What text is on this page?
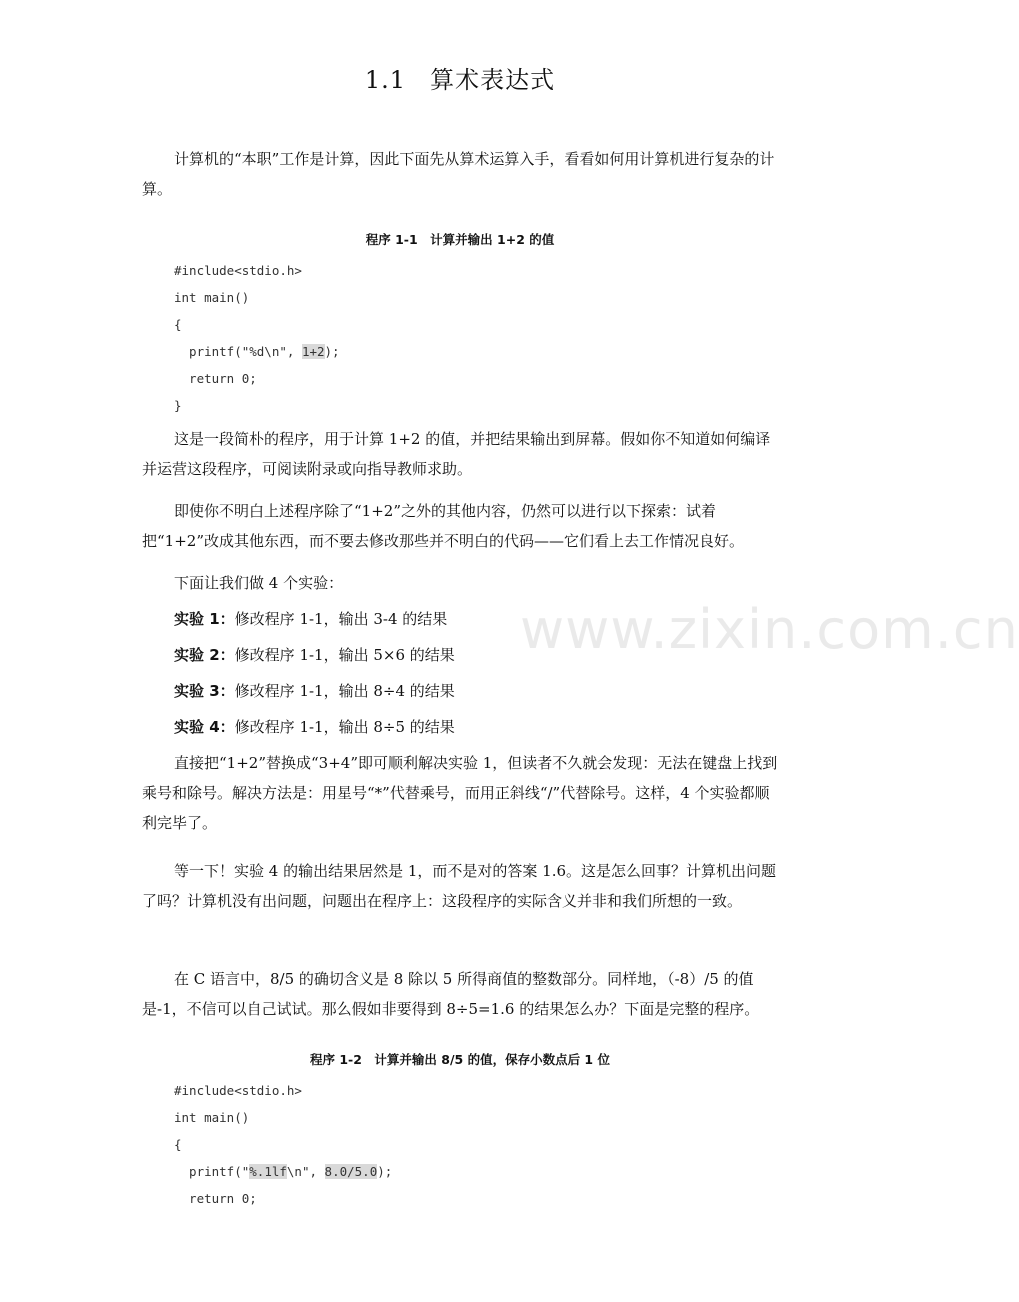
1.1 算术表达式
计算机的“本职”工作是计算，因此下面先从算术运算入手，看看如何用计算机进行复杂的计算。
程序 1-1　计算并输出 1+2 的值
#include<stdio.h>
int main()
{
printf("%d\n", 1+2);
return 0;
}
这是一段简朴的程序，用于计算 1+2 的值，并把结果输出到屏幕。假如你不知道如何编译并运营这段程序，可阅读附录或向指导教师求助。
即使你不明白上述程序除了“1+2”之外的其他内容，仍然可以进行以下探索：试着把“1+2”改成其他东西，而不要去修改那些并不明白的代码——它们看上去工作情况良好。
下面让我们做 4 个实验：
实验 1：修改程序 1-1，输出 3-4 的结果
实验 2：修改程序 1-1，输出 5×6 的结果
实验 3：修改程序 1-1，输出 8÷4 的结果
实验 4：修改程序 1-1，输出 8÷5 的结果
直接把“1+2”替换成“3+4”即可顺利解决实验 1，但读者不久就会发现：无法在键盘上找到乘号和除号。解决方法是：用星号“*”代替乘号，而用正斜线“/”代替除号。这样，4 个实验都顺利完毕了。
等一下！实验 4 的输出结果居然是 1，而不是对的答案 1.6。这是怎么回事？计算机出问题了吗？计算机没有出问题，问题出在程序上：这段程序的实际含义并非和我们所想的一致。
在 C 语言中，8/5 的确切含义是 8 除以 5 所得商值的整数部分。同样地，（-8）/5 的值是-1，不信可以自己试试。那么假如非要得到 8÷5=1.6 的结果怎么办？下面是完整的程序。
程序 1-2　计算并输出 8/5 的值，保存小数点后 1 位
#include<stdio.h>
int main()
{
printf("%.1lf\n", 8.0/5.0);
return 0;
www.zixin.com.cn
